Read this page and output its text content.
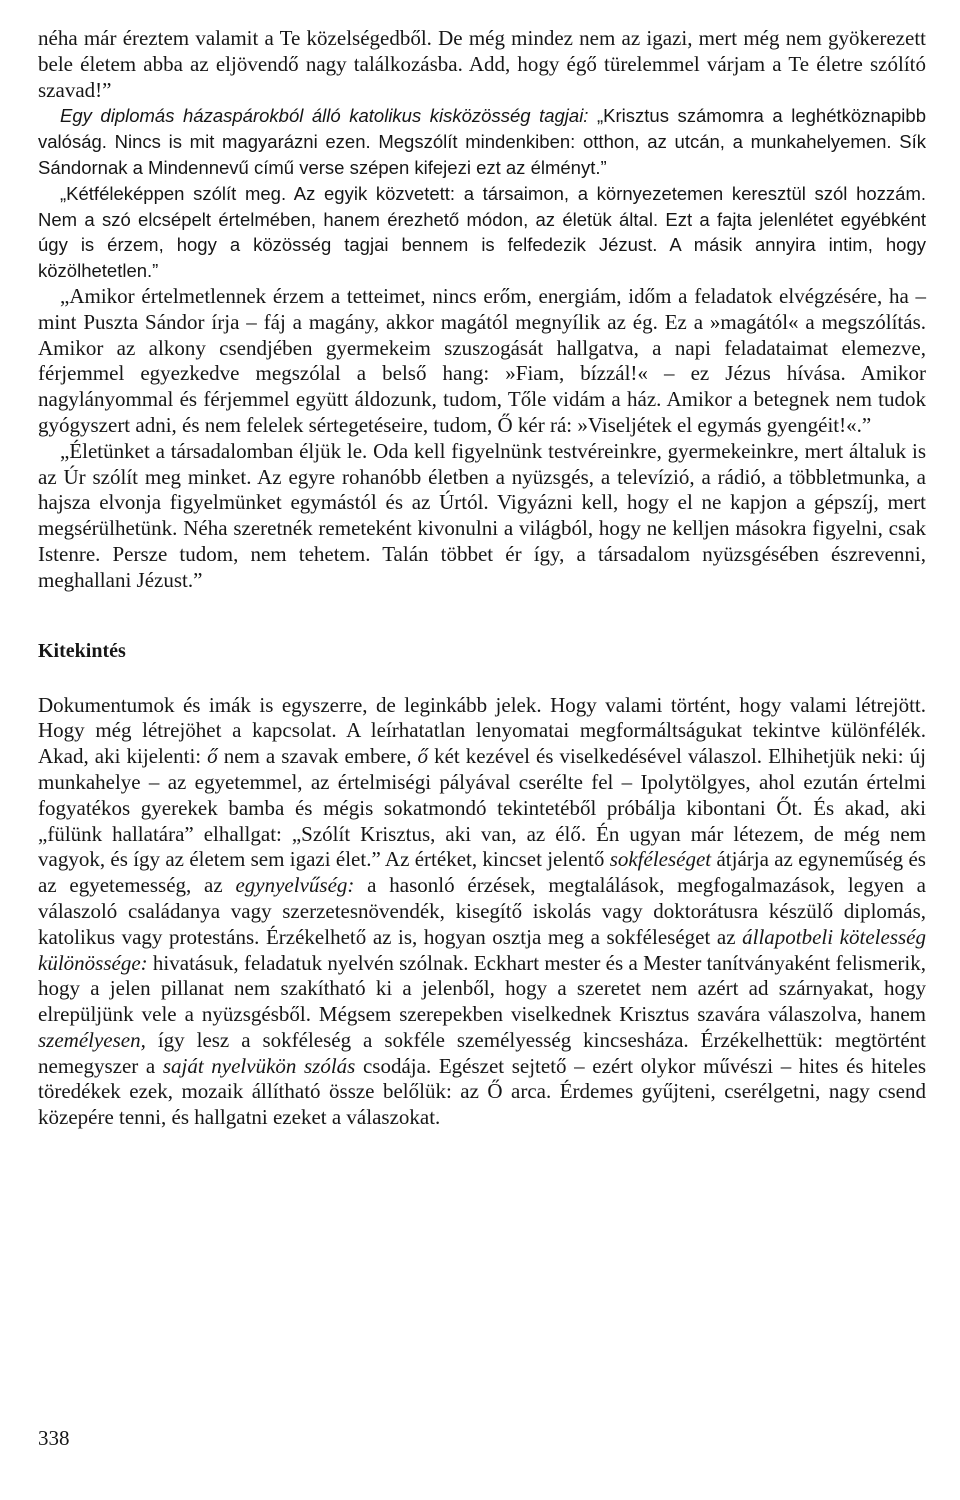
néha már éreztem valamit a Te közelségedből. De még mindez nem az igazi, mert még nem gyökerezett bele életem abba az eljövendő nagy találkozásba. Add, hogy égő türelemmel várjam a Te életre szólító szavad!”

Egy diplomás házaspárokból álló katolikus kisközösség tagjai: „Krisztus számomra a leghétköznapibb valóság. Nincs is mit magyarázni ezen. Megszólít mindenkiben: otthon, az utcán, a munkahelyemen. Sík Sándornak a Mindennevű című verse szépen kifejezi ezt az élményt.”

„Kétféleképpen szólít meg. Az egyik közvetett: a társaimon, a környezetemen keresztül szól hozzám. Nem a szó elcsépelt értelmében, hanem érezhető módon, az életük által. Ezt a fajta jelenlétet egyébként úgy is érzem, hogy a közösség tagjai bennem is felfedezik Jézust. A másik annyira intim, hogy közölhetetlen.”

„Amikor értelmetlennek érzem a tetteimet, nincs erőm, energiám, időm a feladatok elvégzésére, ha – mint Puszta Sándor írja – fáj a magány, akkor magától megnyílik az ég. Ez a »magától« a megszólítás. Amikor az alkony csendjében gyermekeim szuszogását hallgatva, a napi feladataimat elemezve, férjemmel egyezkedve megszólal a belső hang: »Fiam, bízzál!« – ez Jézus hívása. Amikor nagylányommal és férjemmel együtt áldozunk, tudom, Tőle vidám a ház. Amikor a betegnek nem tudok gyógyszert adni, és nem felelek sértegetéseire, tudom, Ő kér rá: »Viseljétek el egymás gyengéit!«.”

„Életünket a társadalomban éljük le. Oda kell figyelnünk testvéreinkre, gyermekeinkre, mert általuk is az Úr szólít meg minket. Az egyre rohanóbb életben a nyüzsgés, a televízió, a rádió, a többletmunka, a hajsza elvonja figyelmünket egymástól és az Úrtól. Vigyázni kell, hogy el ne kapjon a gépszíj, mert megsérülhetünk. Néha szeretnék remeteként kivonulni a világból, hogy ne kelljen másokra figyelni, csak Istenre. Persze tudom, nem tehetem. Talán többet ér így, a társadalom nyüzsgésében észrevenni, meghallani Jézust.”

Kitekintés

Dokumentumok és imák is egyszerre, de leginkább jelek. Hogy valami történt, hogy valami létrejött. Hogy még létrejöhet a kapcsolat. A leírhatatlan lenyomatai megformáltságukat tekintve különfélék. Akad, aki kijelenti: ő nem a szavak embere, ő két kezével és viselkedésével válaszol. Elhihetjük neki: új munkahelye – az egyetemmel, az értelmiségi pályával cserélte fel – Ipolytölgyes, ahol ezután értelmi fogyatékos gyerekek bamba és mégis sokatmondó tekintetéből próbálja kibontani Őt. És akad, aki „fülünk hallatára” elhallgat: „Szólít Krisztus, aki van, az élő. Én ugyan már létezem, de még nem vagyok, és így az életem sem igazi élet.” Az értéket, kincset jelentő sokféleséget átjárja az egyneműség és az egyetemesség, az egynyelvűség: a hasonló érzések, megtalálások, megfogalmazások, legyen a válaszoló családanya vagy szerzetesnövendék, kisegítő iskolás vagy doktorátusra készülő diplomás, katolikus vagy protestáns. Érzékelhető az is, hogyan osztja meg a sokféleséget az állapotbeli kötelesség különössége: hivatásuk, feladatuk nyelvén szólnak. Eckhart mester és a Mester tanítványaként felismerik, hogy a jelen pillanat nem szakítható ki a jelenből, hogy a szeretet nem azért ad szárnyakat, hogy elrepüljünk vele a nyüzsgésből. Mégsem szerepekben viselkednek Krisztus szavára válaszolva, hanem személyesen, így lesz a sokféleség a sokféle személyesség kincsesháza. Érzékelhettük: megtörtént nemegyszer a saját nyelvükön szólás csodája. Egészet sejtető – ezért olykor művészi – hites és hiteles töredékek ezek, mozaik állítható össze belőlük: az Ő arca. Érdemes gyűjteni, cserélgetni, nagy csend közepére tenni, és hallgatni ezeket a válaszokat.

338
